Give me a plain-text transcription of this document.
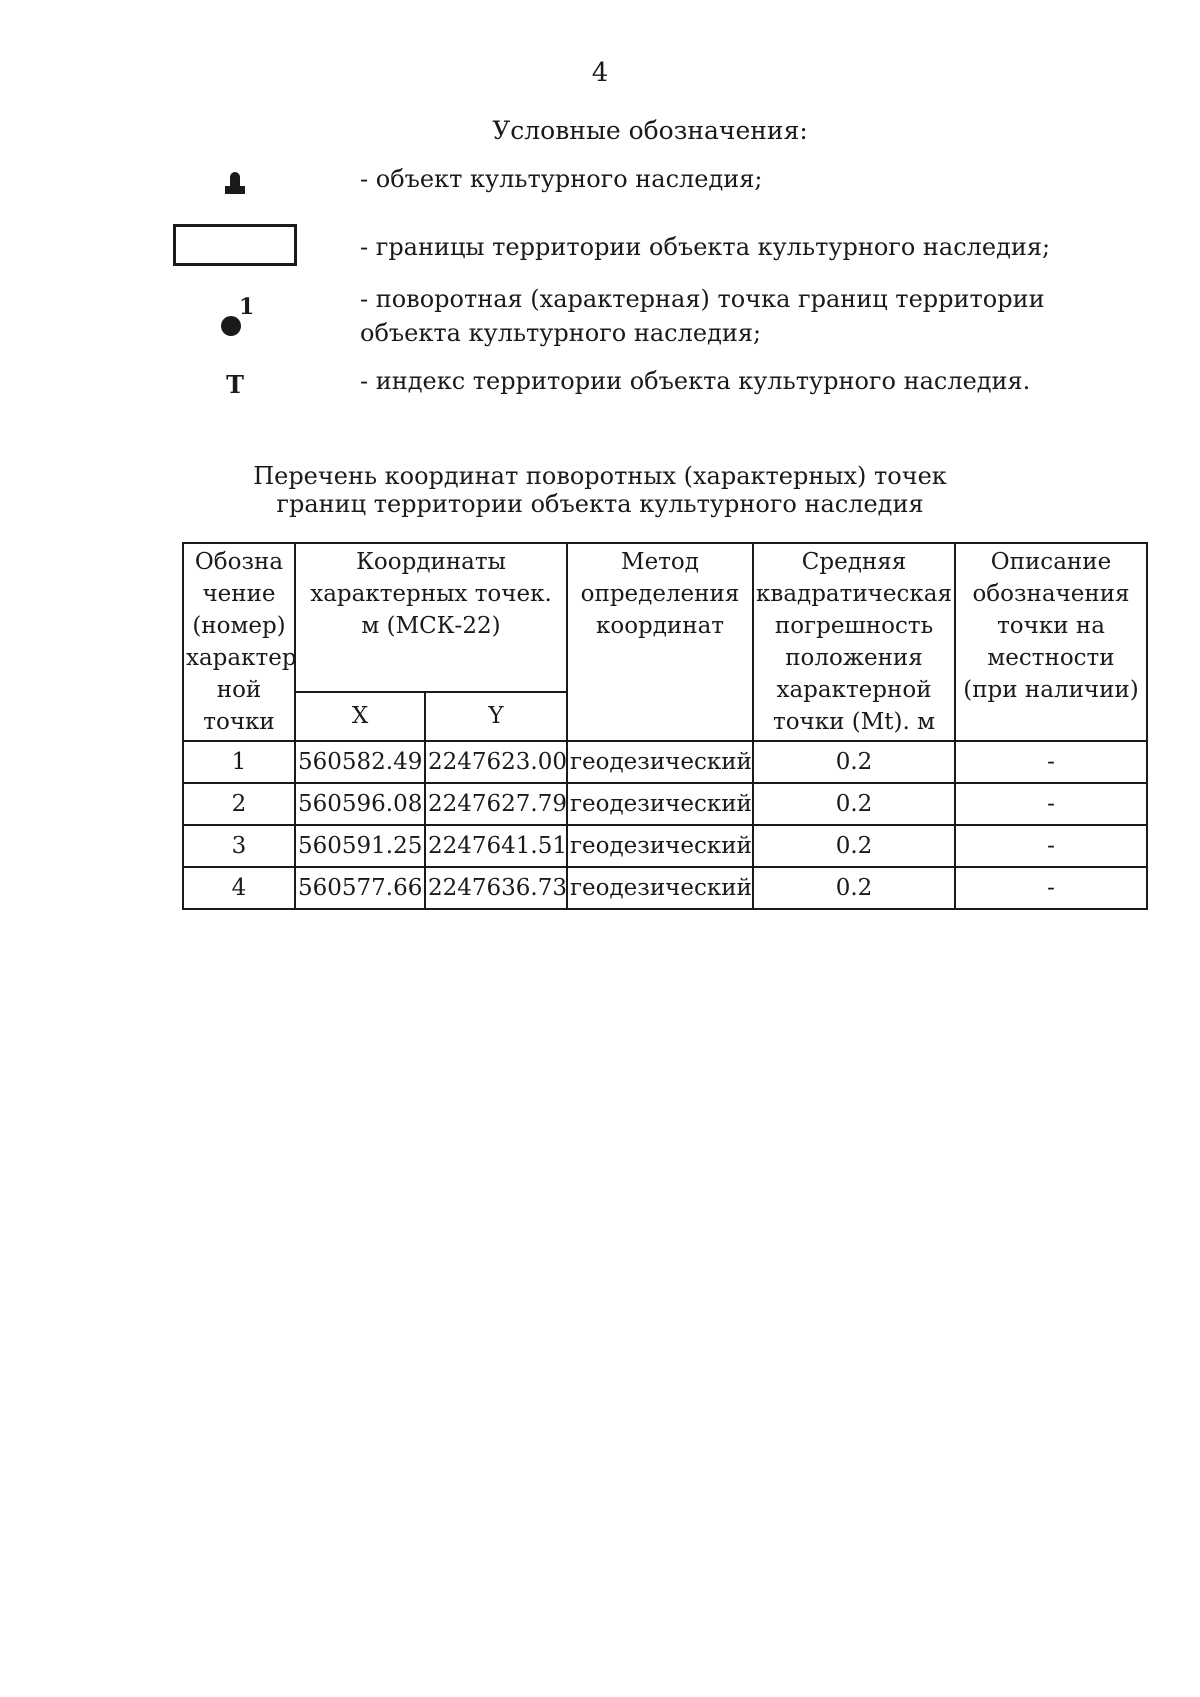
4
Условные обозначения:
- объект культурного наследия;
- границы территории объекта культурного наследия;
1	- поворотная (характерная) точка границ территории объекта культурного наследия;
Т	- индекс территории объекта культурного наследия.
Перечень координат поворотных (характерных) точек
границ территории объекта культурного наследия
Обозна чение (номер) характер ной точки	Координаты характерных точек. м (МСК-22)		Метод определения координат	Средняя квадратическая погрешность положения характерной точки (Mt). м	Описание обозначения точки на местности (при наличии)
	X	Y			
1	560582.49	2247623.00	геодезический	0.2	-
2	560596.08	2247627.79	геодезический	0.2	-
3	560591.25	2247641.51	геодезический	0.2	-
4	560577.66	2247636.73	геодезический	0.2	-
